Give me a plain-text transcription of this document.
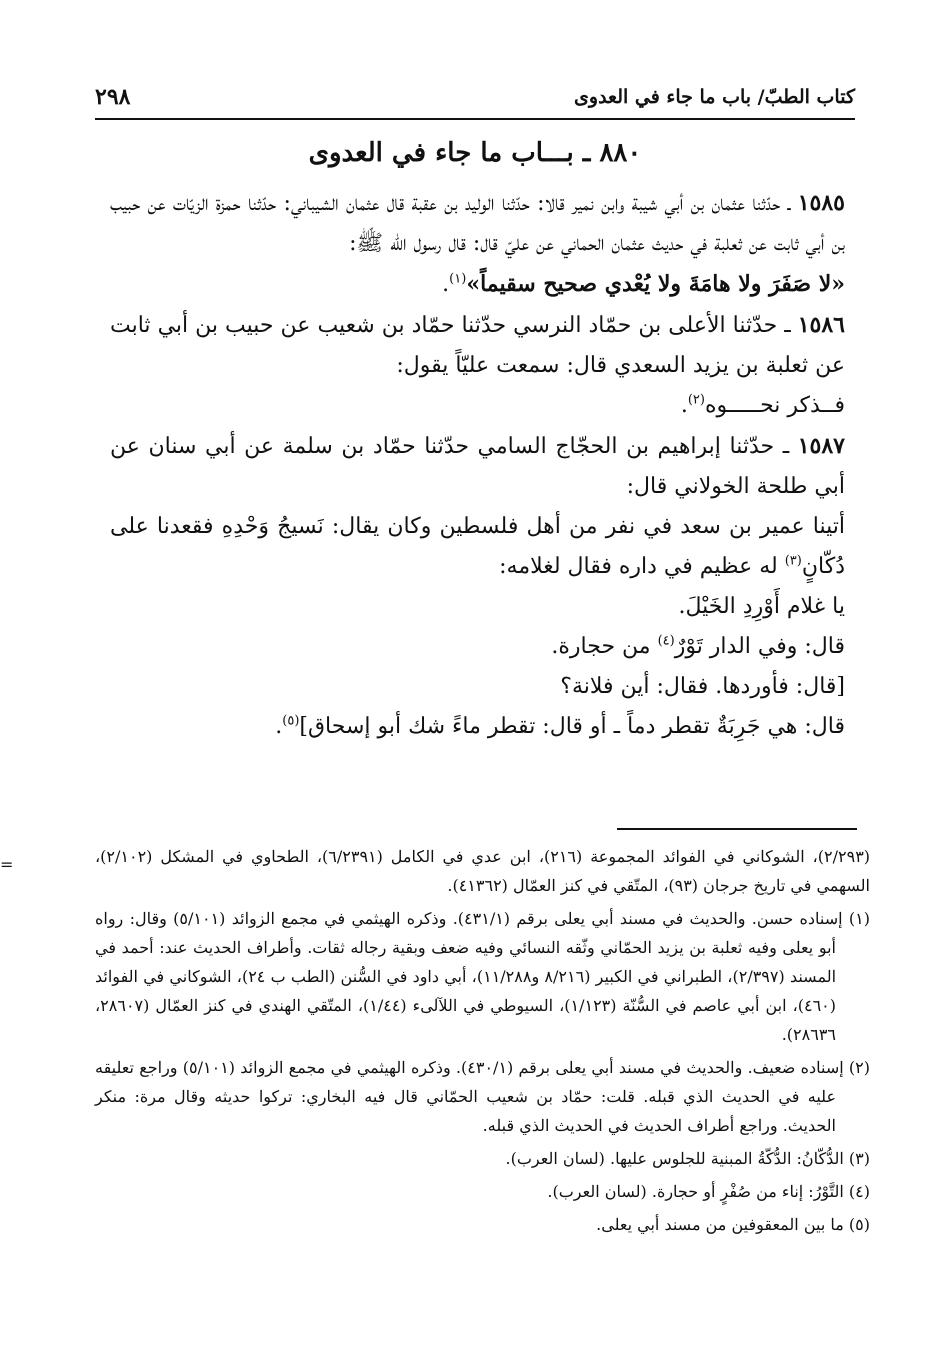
كتاب الطبّ/ باب ما جاء في العدوى
٢٩٨
٨٨٠ ـ بـــاب ما جاء في العدوى

١٥٨٥ ـ حدّثنا عثمان بن أبي شيبة وابن نمير قالا: حدّثنا الوليد بن عقبة قال عثمان الشيباني: حدّثنا حمزة الزيّات عن حبيب بن أبي ثابت عن ثعلبة في حديث عثمان الحماني عن عليّ قال: قال رسول الله ﷺ:

«لا صَفَرَ ولا هامَةَ ولا يُعْدي صحيح سقيماً»$^{(١)}$.

١٥٨٦ ـ حدّثنا الأعلى بن حمّاد النرسي حدّثنا حمّاد بن شعيب عن حبيب بن أبي ثابت عن ثعلبة بن يزيد السعدي قال: سمعت عليّاً يقول:

فــذكر نحـــــوه$^{(٢)}$.

١٥٨٧ ـ حدّثنا إبراهيم بن الحجّاج السامي حدّثنا حمّاد بن سلمة عن أبي سنان عن أبي طلحة الخولاني قال:

أتينا عمير بن سعد في نفر من أهل فلسطين وكان يقال: نَسيجُ وَحْدِهِ فقعدنا على دُكّانٍ$^{(٣)}$ له عظيم في داره فقال لغلامه:

يا غلام أَوْرِدِ الخَيْلَ.

قال: وفي الدار تَوْرٌ$^{(٤)}$ من حجارة.

[قال: فأوردها. فقال: أين فلانة؟

قال: هي جَرِبَةٌ تقطر دماً ـ أو قال: تقطر ماءً شك أبو إسحاق]$^{(٥)}$.

=	(٢/٢٩٣)، الشوكاني في الفوائد المجموعة (٢١٦)، ابن عدي في الكامل (٦/٢٣٩١)، الطحاوي في المشكل (٢/١٠٢)، السهمي في تاريخ جرجان (٩٣)، المتّقي في كنز العمّال (٤١٣٦٢).

(١) إسناده حسن. والحديث في مسند أبي يعلى برقم (٤٣١/١). وذكره الهيثمي في مجمع الزوائد (٥/١٠١) وقال: رواه أبو يعلى وفيه ثعلبة بن يزيد الحمّاني وثّقه النسائي وفيه ضعف وبقية رجاله ثقات. وأطراف الحديث عند: أحمد في المسند (٢/٣٩٧)، الطبراني في الكبير (٨/٢١٦ و١١/٢٨٨)، أبي داود في السُّنن (الطب ب ٢٤)، الشوكاني في الفوائد (٤٦٠)، ابن أبي عاصم في السُّنّة (١/١٢٣)، السيوطي في اللآلىء (١/٤٤)، المتّقي الهندي في كنز العمّال (٢٨٦٠٧، ٢٨٦٣٦).

(٢) إسناده ضعيف. والحديث في مسند أبي يعلى برقم (٤٣٠/١). وذكره الهيثمي في مجمع الزوائد (٥/١٠١) وراجع تعليقه عليه في الحديث الذي قبله. قلت: حمّاد بن شعيب الحمّاني قال فيه البخاري: تركوا حديثه وقال مرة: منكر الحديث. وراجع أطراف الحديث في الحديث الذي قبله.

(٣) الدُّكّانُ: الدُّكّةُ المبنية للجلوس عليها. (لسان العرب).

(٤) التَّوْرُ: إناء من صُفْرٍ أو حجارة. (لسان العرب).

(٥) ما بين المعقوفين من مسند أبي يعلى.
